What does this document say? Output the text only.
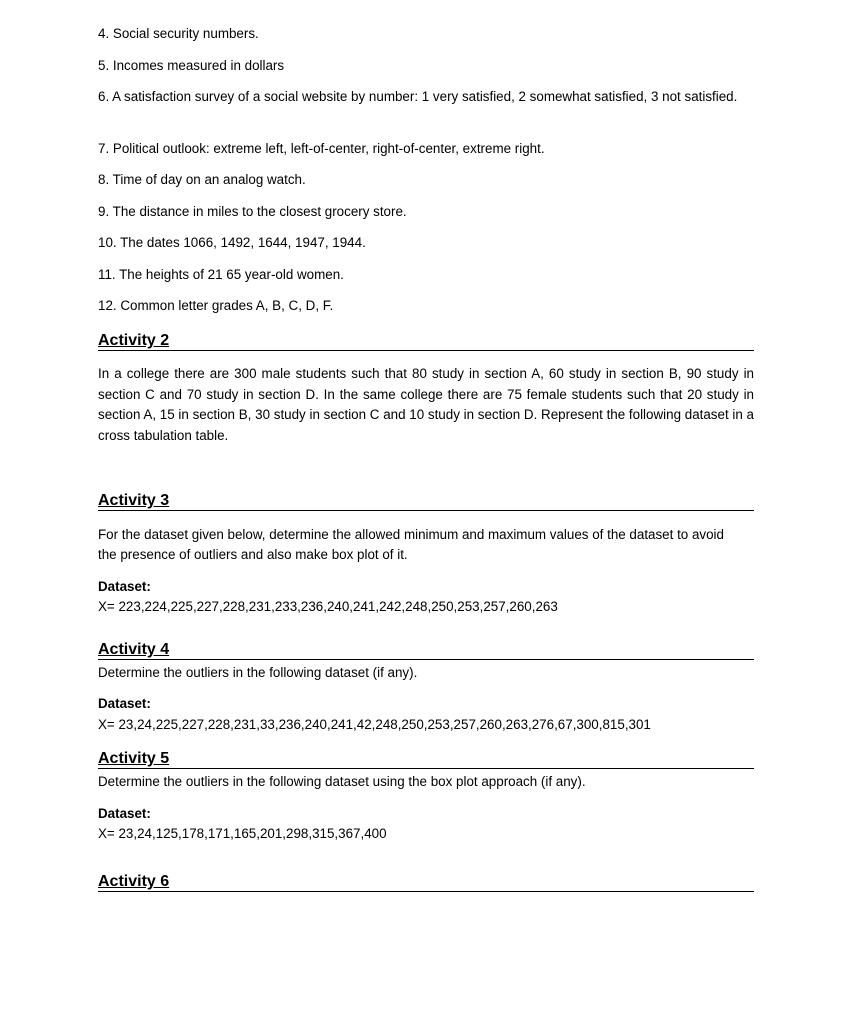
4. Social security numbers.
5. Incomes measured in dollars
6. A satisfaction survey of a social website by number: 1 very satisfied, 2 somewhat satisfied, 3 not satisfied.
7. Political outlook: extreme left, left-of-center, right-of-center, extreme right.
8. Time of day on an analog watch.
9. The distance in miles to the closest grocery store.
10. The dates 1066, 1492, 1644, 1947, 1944.
11. The heights of 21 65 year-old women.
12. Common letter grades A, B, C, D, F.
Activity 2
In a college there are 300 male students such that 80 study in section A, 60 study in section B, 90 study in section C and 70 study in section D. In the same college there are 75 female students such that 20 study in section A, 15 in section B, 30 study in section C and 10 study in section D. Represent the following dataset in a cross tabulation table.
Activity 3
For the dataset given below, determine the allowed minimum and maximum values of the dataset to avoid the presence of outliers and also make box plot of it.
Dataset:
X= 223,224,225,227,228,231,233,236,240,241,242,248,250,253,257,260,263
Activity 4
Determine the outliers in the following dataset (if any).
Dataset:
X= 23,24,225,227,228,231,33,236,240,241,42,248,250,253,257,260,263,276,67,300,815,301
Activity 5
Determine the outliers in the following dataset using the box plot approach (if any).
Dataset:
X= 23,24,125,178,171,165,201,298,315,367,400
Activity 6
